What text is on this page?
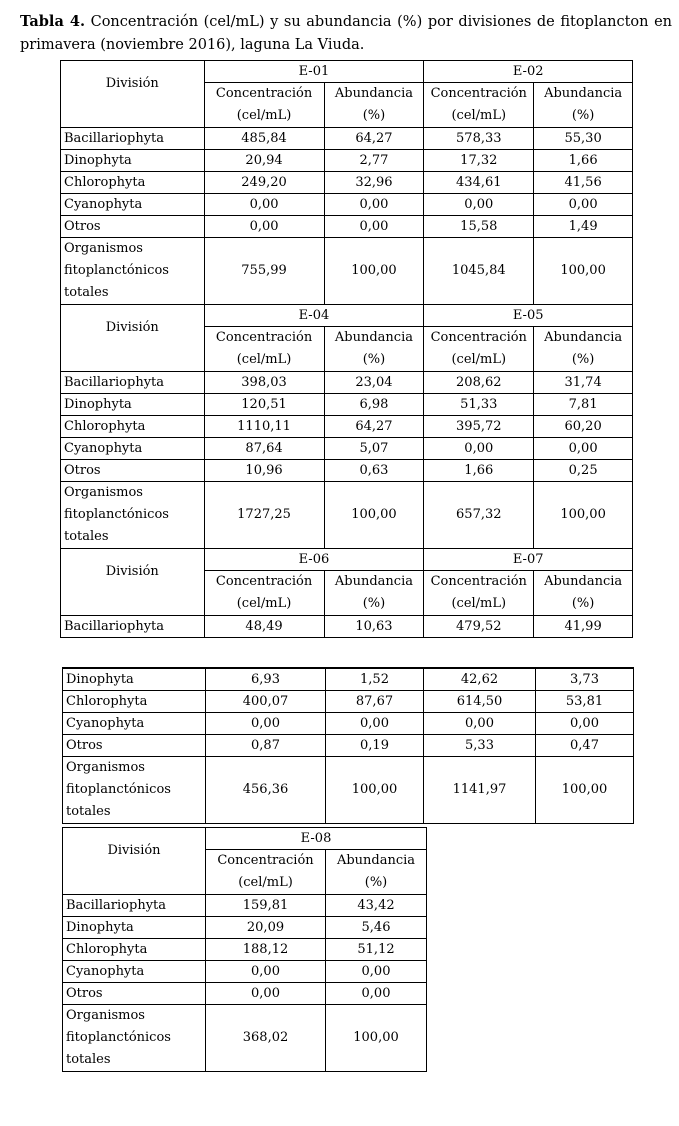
Tabla 4. Concentración (cel/mL) y su abundancia (%) por divisiones de fitoplancton en primavera (noviembre 2016), laguna La Viuda.
División	E-01		E-02	
	Concentración (cel/mL)	Abundancia (%)	Concentración (cel/mL)	Abundancia (%)
Bacillariophyta	485,84	64,27	578,33	55,30
Dinophyta	20,94	2,77	17,32	1,66
Chlorophyta	249,20	32,96	434,61	41,56
Cyanophyta	0,00	0,00	0,00	0,00
Otros	0,00	0,00	15,58	1,49
Organismos fitoplanctónicos totales	755,99	100,00	1045,84	100,00
División	E-04		E-05	
	Concentración (cel/mL)	Abundancia (%)	Concentración (cel/mL)	Abundancia (%)
Bacillariophyta	398,03	23,04	208,62	31,74
Dinophyta	120,51	6,98	51,33	7,81
Chlorophyta	1110,11	64,27	395,72	60,20
Cyanophyta	87,64	5,07	0,00	0,00
Otros	10,96	0,63	1,66	0,25
Organismos fitoplanctónicos totales	1727,25	100,00	657,32	100,00
División	E-06		E-07	
	Concentración (cel/mL)	Abundancia (%)	Concentración (cel/mL)	Abundancia (%)
Bacillariophyta	48,49	10,63	479,52	41,99
Dinophyta	6,93	1,52	42,62	3,73
Chlorophyta	400,07	87,67	614,50	53,81
Cyanophyta	0,00	0,00	0,00	0,00
Otros	0,87	0,19	5,33	0,47
Organismos fitoplanctónicos totales	456,36	100,00	1141,97	100,00
División	E-08	
	Concentración (cel/mL)	Abundancia (%)
Bacillariophyta	159,81	43,42
Dinophyta	20,09	5,46
Chlorophyta	188,12	51,12
Cyanophyta	0,00	0,00
Otros	0,00	0,00
Organismos fitoplanctónicos totales	368,02	100,00
